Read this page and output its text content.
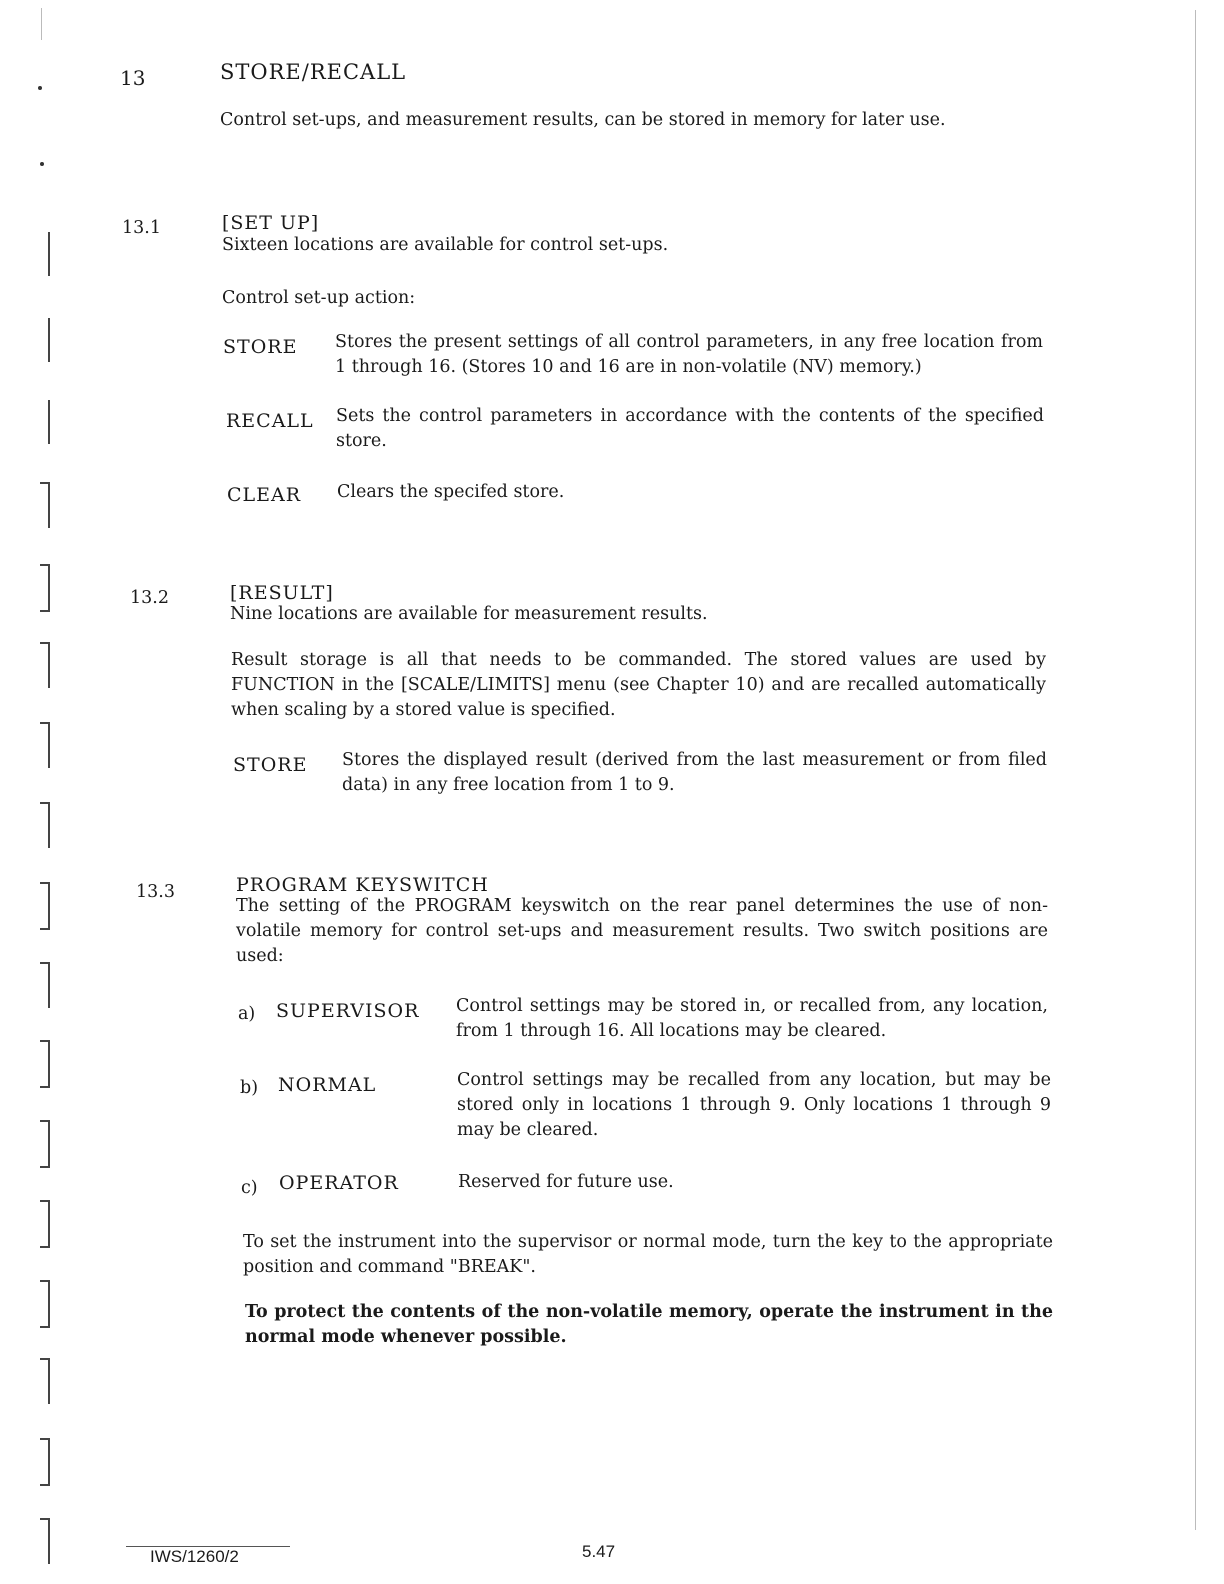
13	STORE/RECALL
Control set-ups, and measurement results, can be stored in memory for later use.
13.1	[SET UP]
Sixteen locations are available for control set-ups.
Control set-up action:
STORE Stores the present settings of all control parameters, in any free location from 1 through 16. (Stores 10 and 16 are in non-volatile (NV) memory.)
RECALL Sets the control parameters in accordance with the contents of the specified store.
CLEAR Clears the specifed store.
13.2	[RESULT]
Nine locations are available for measurement results.
Result storage is all that needs to be commanded. The stored values are used by FUNCTION in the [SCALE/LIMITS] menu (see Chapter 10) and are recalled automatically when scaling by a stored value is specified.
STORE Stores the displayed result (derived from the last measurement or from filed data) in any free location from 1 to 9.
13.3	PROGRAM KEYSWITCH
The setting of the PROGRAM keyswitch on the rear panel determines the use of non-volatile memory for control set-ups and measurement results. Two switch positions are used:
a) SUPERVISOR Control settings may be stored in, or recalled from, any location, from 1 through 16. All locations may be cleared.
b) NORMAL	Control settings may be recalled from any location, but may be stored only in locations 1 through 9. Only locations 1 through 9 may be cleared.
c) OPERATOR	Reserved for future use.
To set the instrument into the supervisor or normal mode, turn the key to the appropriate position and command "BREAK".
To protect the contents of the non-volatile memory, operate the instrument in the normal mode whenever possible.
IWS/1260/2	5.47
